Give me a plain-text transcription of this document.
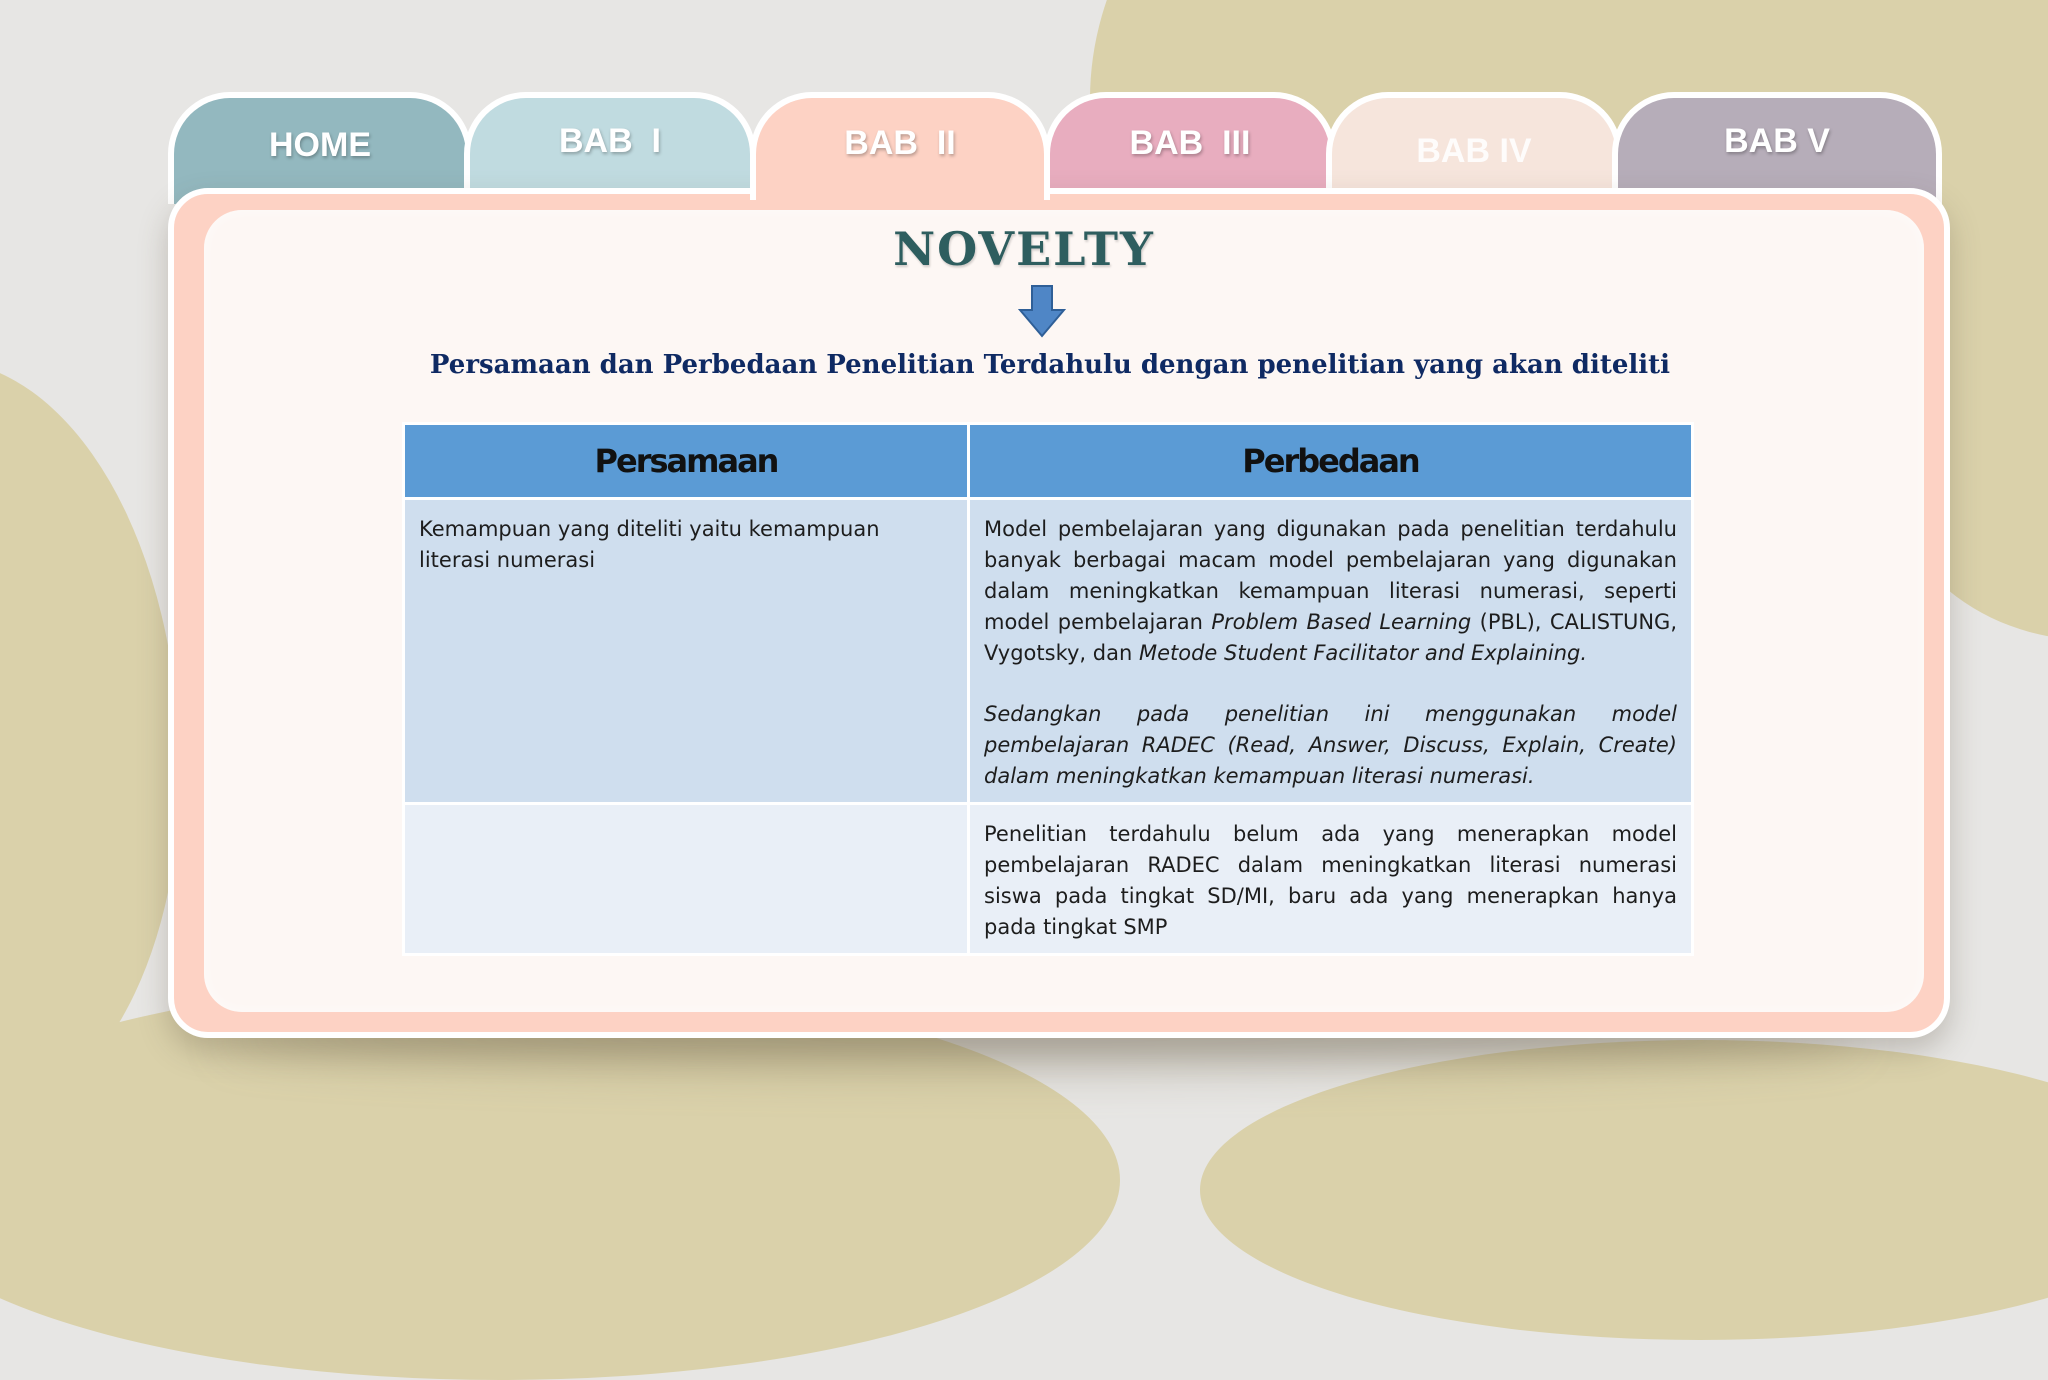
HOME	BAB  I	BAB  III	BAB IV	BAB V
BAB  II
NOVELTY
Persamaan dan Perbedaan Penelitian Terdahulu dengan penelitian yang akan diteliti
Persamaan	Perbedaan
Kemampuan yang diteliti yaitu kemampuan literasi numerasi	Model pembelajaran yang digunakan pada penelitian terdahulu banyak berbagai macam model pembelajaran yang digunakan dalam meningkatkan kemampuan literasi numerasi, seperti model pembelajaran Problem Based Learning (PBL), CALISTUNG, Vygotsky, dan Metode Student Facilitator and Explaining.
Sedangkan pada penelitian ini menggunakan model pembelajaran RADEC (Read, Answer, Discuss, Explain, Create) dalam meningkatkan kemampuan literasi numerasi.

	Penelitian terdahulu belum ada yang menerapkan model pembelajaran RADEC dalam meningkatkan literasi numerasi siswa pada tingkat SD/MI, baru ada yang menerapkan hanya pada tingkat SMP
